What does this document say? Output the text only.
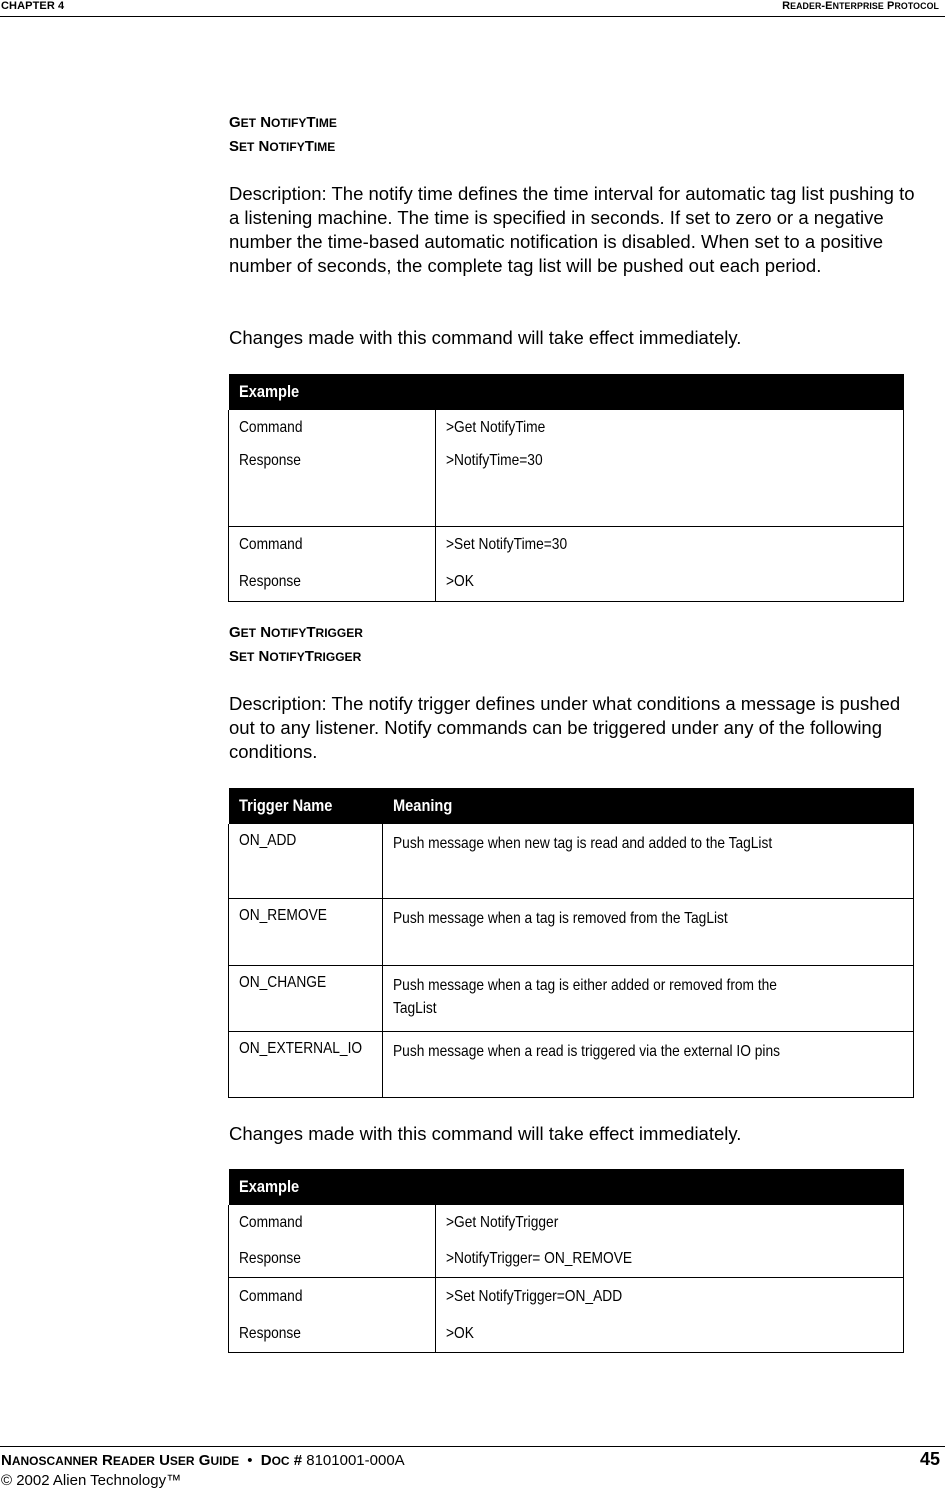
CHAPTER 4	READER-ENTERPRISE PROTOCOL
GET NOTIFYTIME
SET NOTIFYTIME
Description: The notify time defines the time interval for automatic tag list pushing to a listening machine. The time is specified in seconds. If set to zero or a negative number the time-based automatic notification is disabled. When set to a positive number of seconds, the complete tag list will be pushed out each period.
Changes made with this command will take effect immediately.
Example	
Command	>Get NotifyTime
Response	>NotifyTime=30
Command	>Set NotifyTime=30
Response	>OK
GET NOTIFYTRIGGER
SET NOTIFYTRIGGER
Description: The notify trigger defines under what conditions a message is pushed out to any listener. Notify commands can be triggered under any of the following conditions.
Trigger Name	Meaning
ON_ADD	Push message when new tag is read and added to the TagList

ON_REMOVE	Push message when a tag is removed from the TagList

ON_CHANGE	Push message when a tag is either added or removed from the TagList

ON_EXTERNAL_IO	Push message when a read is triggered via the external IO pins
Changes made with this command will take effect immediately.
Example	
Command	>Get NotifyTrigger
Response	>NotifyTrigger= ON_REMOVE
Command	>Set NotifyTrigger=ON_ADD
Response	>OK
NANOSCANNER READER USER GUIDE • DOC # 8101001-000A	45
© 2002 Alien Technology™
